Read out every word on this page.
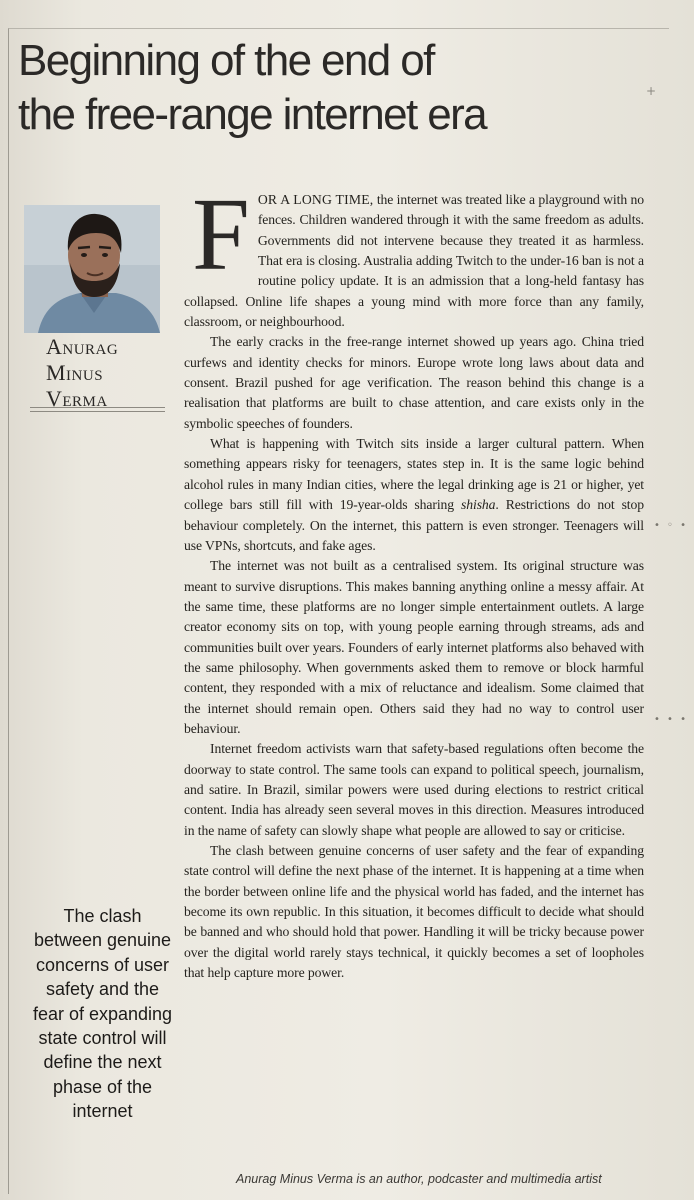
Beginning of the end of
the free-range internet era

Anurag
Minus
Verma

The clash between genuine concerns of user safety and the fear of expanding state control will define the next phase of the internet

F OR A LONG TIME, the internet was treated like a playground with no fences. Children wandered through it with the same freedom as adults. Governments did not intervene because they treated it as harmless. That era is closing. Australia adding Twitch to the under-16 ban is not a routine policy update. It is an admission that a long-held fantasy has collapsed. Online life shapes a young mind with more force than any family, classroom, or neighbourhood.

The early cracks in the free-range internet showed up years ago. China tried curfews and identity checks for minors. Europe wrote long laws about data and consent. Brazil pushed for age verification. The reason behind this change is a realisation that platforms are built to chase attention, and care exists only in the symbolic speeches of founders.

What is happening with Twitch sits inside a larger cultural pattern. When something appears risky for teenagers, states step in. It is the same logic behind alcohol rules in many Indian cities, where the legal drinking age is 21 or higher, yet college bars still fill with 19-year-olds sharing shisha. Restrictions do not stop behaviour completely. On the internet, this pattern is even stronger. Teenagers will use VPNs, shortcuts, and fake ages.

The internet was not built as a centralised system. Its original structure was meant to survive disruptions. This makes banning anything online a messy affair. At the same time, these platforms are no longer simple entertainment outlets. A large creator economy sits on top, with young people earning through streams, ads and communities built over years. Founders of early internet platforms also behaved with the same philosophy. When governments asked them to remove or block harmful content, they responded with a mix of reluctance and idealism. Some claimed that the internet should remain open. Others said they had no way to control user behaviour.

Internet freedom activists warn that safety-based regulations often become the doorway to state control. The same tools can expand to political speech, journalism, and satire. In Brazil, similar powers were used during elections to restrict critical content. India has already seen several moves in this direction. Measures introduced in the name of safety can slowly shape what people are allowed to say or criticise.

The clash between genuine concerns of user safety and the fear of expanding state control will define the next phase of the internet. It is happening at a time when the border between online life and the physical world has faded, and the internet has become its own republic. In this situation, it becomes difficult to decide what should be banned and who should hold that power. Handling it will be tricky because power over the digital world rarely stays technical, it quickly becomes a set of loopholes that help capture more power.

Anurag Minus Verma is an author, podcaster and multimedia artist

+
• ◦ •
• • •
